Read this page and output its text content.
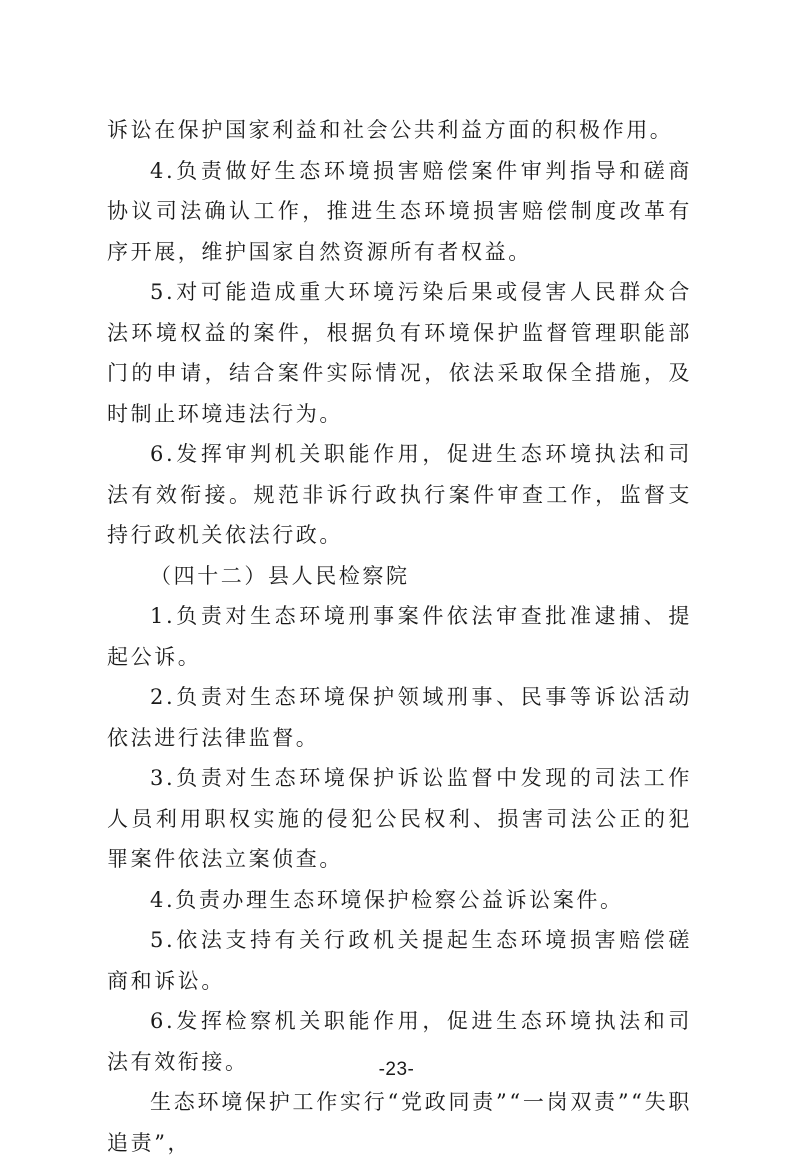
诉讼在保护国家利益和社会公共利益方面的积极作用。

4.负责做好生态环境损害赔偿案件审判指导和磋商协议司法确认工作，推进生态环境损害赔偿制度改革有序开展，维护国家自然资源所有者权益。

5.对可能造成重大环境污染后果或侵害人民群众合法环境权益的案件，根据负有环境保护监督管理职能部门的申请，结合案件实际情况，依法采取保全措施，及时制止环境违法行为。

6.发挥审判机关职能作用，促进生态环境执法和司法有效衔接。规范非诉行政执行案件审查工作，监督支持行政机关依法行政。

（四十二）县人民检察院

1.负责对生态环境刑事案件依法审查批准逮捕、提起公诉。

2.负责对生态环境保护领域刑事、民事等诉讼活动依法进行法律监督。

3.负责对生态环境保护诉讼监督中发现的司法工作人员利用职权实施的侵犯公民权利、损害司法公正的犯罪案件依法立案侦查。

4.负责办理生态环境保护检察公益诉讼案件。

5.依法支持有关行政机关提起生态环境损害赔偿磋商和诉讼。

6.发挥检察机关职能作用，促进生态环境执法和司法有效衔接。

生态环境保护工作实行“党政同责”“一岗双责”“失职追责”，

-23-
